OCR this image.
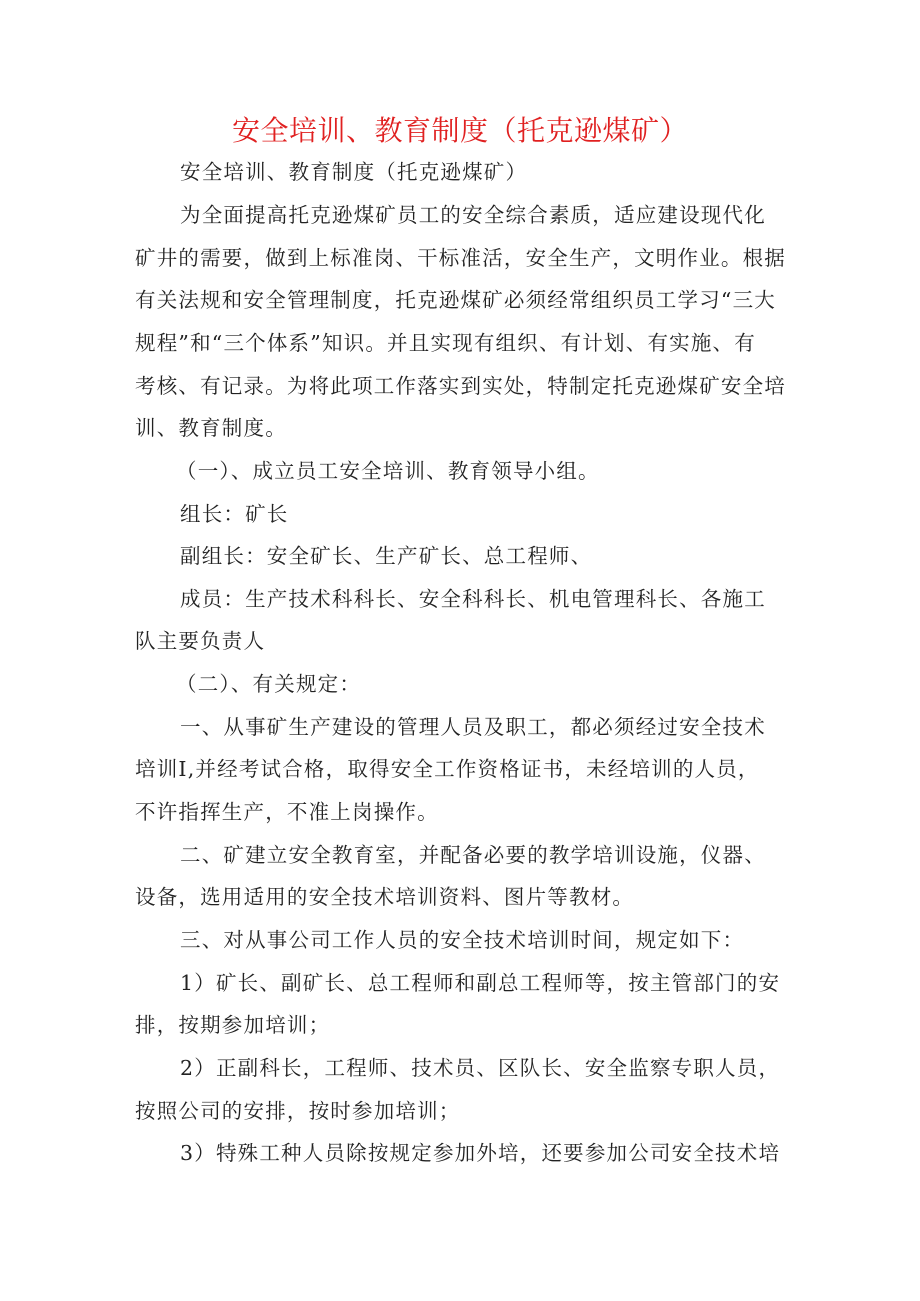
安全培训、教育制度（托克逊煤矿）
安全培训、教育制度（托克逊煤矿）
为全面提高托克逊煤矿员工的安全综合素质，适应建设现代化
矿井的需要，做到上标准岗、干标准活，安全生产，文明作业。根据
有关法规和安全管理制度，托克逊煤矿必须经常组织员工学习“三大
规程”和“三个体系”知识。并且实现有组织、有计划、有实施、有
考核、有记录。为将此项工作落实到实处，特制定托克逊煤矿安全培
训、教育制度。
（一）、成立员工安全培训、教育领导小组。
组长：矿长
副组长：安全矿长、生产矿长、总工程师、
成员：生产技术科科长、安全科科长、机电管理科长、各施工
队主要负责人
（二）、有关规定：
一、从事矿生产建设的管理人员及职工，都必须经过安全技术
培训Ⅰ,并经考试合格，取得安全工作资格证书，未经培训的人员，
不许指挥生产，不准上岗操作。
二、矿建立安全教育室，并配备必要的教学培训设施，仪器、
设备，选用适用的安全技术培训资料、图片等教材。
三、对从事公司工作人员的安全技术培训时间，规定如下：
1）矿长、副矿长、总工程师和副总工程师等，按主管部门的安
排，按期参加培训；
2）正副科长，工程师、技术员、区队长、安全监察专职人员，
按照公司的安排，按时参加培训；
3）特殊工种人员除按规定参加外培，还要参加公司安全技术培
